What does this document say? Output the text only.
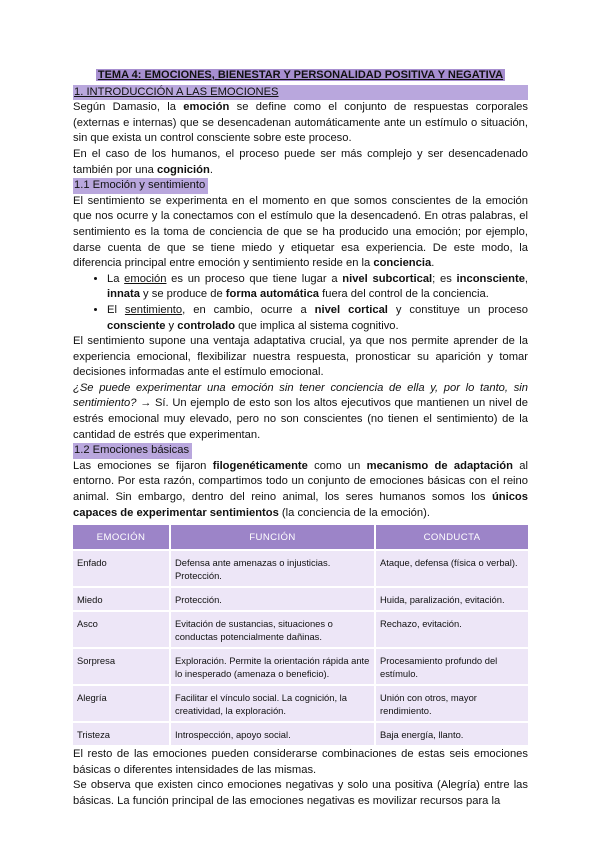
TEMA 4: EMOCIONES, BIENESTAR Y PERSONALIDAD POSITIVA Y NEGATIVA
1. INTRODUCCIÓN A LAS EMOCIONES

Según Damasio, la emoción se define como el conjunto de respuestas corporales (externas e internas) que se desencadenan automáticamente ante un estímulo o situación, sin que exista un control consciente sobre este proceso.

En el caso de los humanos, el proceso puede ser más complejo y ser desencadenado también por una cognición.

1.1 Emoción y sentimiento

El sentimiento se experimenta en el momento en que somos conscientes de la emoción que nos ocurre y la conectamos con el estímulo que la desencadenó. En otras palabras, el sentimiento es la toma de conciencia de que se ha producido una emoción; por ejemplo, darse cuenta de que se tiene miedo y etiquetar esa experiencia. De este modo, la diferencia principal entre emoción y sentimiento reside en la conciencia.

• La emoción es un proceso que tiene lugar a nivel subcortical; es inconsciente, innata y se produce de forma automática fuera del control de la conciencia.
• El sentimiento, en cambio, ocurre a nivel cortical y constituye un proceso consciente y controlado que implica al sistema cognitivo.

El sentimiento supone una ventaja adaptativa crucial, ya que nos permite aprender de la experiencia emocional, flexibilizar nuestra respuesta, pronosticar su aparición y tomar decisiones informadas ante el estímulo emocional.

¿Se puede experimentar una emoción sin tener conciencia de ella y, por lo tanto, sin sentimiento? → Sí. Un ejemplo de esto son los altos ejecutivos que mantienen un nivel de estrés emocional muy elevado, pero no son conscientes (no tienen el sentimiento) de la cantidad de estrés que experimentan.

1.2 Emociones básicas

Las emociones se fijaron filogenéticamente como un mecanismo de adaptación al entorno. Por esta razón, compartimos todo un conjunto de emociones básicas con el reino animal. Sin embargo, dentro del reino animal, los seres humanos somos los únicos capaces de experimentar sentimientos (la conciencia de la emoción).

EMOCIÓN	FUNCIÓN	CONDUCTA
Enfado	Defensa ante amenazas o injusticias. Protección.	Ataque, defensa (física o verbal).
Miedo	Protección.	Huida, paralización, evitación.
Asco	Evitación de sustancias, situaciones o conductas potencialmente dañinas.	Rechazo, evitación.
Sorpresa	Exploración. Permite la orientación rápida ante lo inesperado (amenaza o beneficio).	Procesamiento profundo del estímulo.
Alegría	Facilitar el vínculo social. La cognición, la creatividad, la exploración.	Unión con otros, mayor rendimiento.
Tristeza	Introspección, apoyo social.	Baja energía, llanto.

El resto de las emociones pueden considerarse combinaciones de estas seis emociones básicas o diferentes intensidades de las mismas.

Se observa que existen cinco emociones negativas y solo una positiva (Alegría) entre las básicas. La función principal de las emociones negativas es movilizar recursos para la
